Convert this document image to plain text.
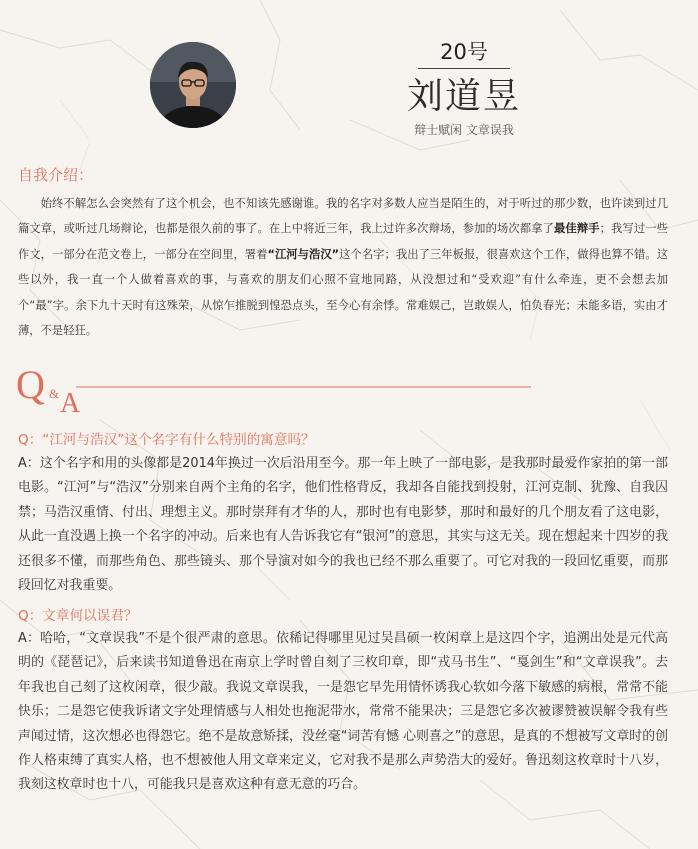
20号
刘道昱
辩士赋闲 文章误我
自我介绍：
始终不解怎么会突然有了这个机会，也不知该先感谢谁。我的名字对多数人应当是陌生的，对于听过的那少数，也许读到过几篇文章，或听过几场辩论，也都是很久前的事了。在上中将近三年，我上过许多次辩场，参加的场次都拿了最佳辩手；我写过一些作文，一部分在范文卷上，一部分在空间里，署着“江河与浩汉”这个名字；我出了三年板报，很喜欢这个工作，做得也算不错。这些以外，我一直一个人做着喜欢的事，与喜欢的朋友们心照不宣地同路，从没想过和“受欢迎”有什么牵连，更不会想去加个“最”字。余下九十天时有这殊荣，从惊乍推脱到惶恐点头，至今心有余悸。常难娱己，岂敢娱人，怕负春光；未能多语，实由才薄，不是轻狂。
Q & A
Q：“江河与浩汉”这个名字有什么特别的寓意吗？
A：这个名字和用的头像都是2014年换过一次后沿用至今。那一年上映了一部电影，是我那时最爱作家拍的第一部电影。“江河”与“浩汉”分别来自两个主角的名字，他们性格背反，我却各自能找到投射，江河克制、犹豫、自我囚禁；马浩汉重情、付出、理想主义。那时崇拜有才华的人，那时也有电影梦，那时和最好的几个朋友看了这电影，从此一直没遇上换一个名字的冲动。后来也有人告诉我它有“银河”的意思，其实与这无关。现在想起来十四岁的我还很多不懂，而那些角色、那些镜头、那个导演对如今的我也已经不那么重要了。可它对我的一段回忆重要，而那段回忆对我重要。
Q：文章何以误君？
A：哈哈，“文章误我”不是个很严肃的意思。依稀记得哪里见过吴昌硕一枚闲章上是这四个字，追溯出处是元代高明的《琵琶记》，后来读书知道鲁迅在南京上学时曾自刻了三枚印章，即“戎马书生”、“戛剑生”和“文章误我”。去年我也自己刻了这枚闲章，很少敲。我说文章误我，一是怨它早先用情怀诱我心软如今落下敏感的病根，常常不能快乐；二是怨它使我诉诸文字处理情感与人相处也拖泥带水，常常不能果决；三是怨它多次被谬赞被误解令我有些声闻过情，这次想必也得怨它。绝不是故意矫揉，没丝毫“词苦有憾 心则喜之”的意思，是真的不想被写文章时的创作人格束缚了真实人格，也不想被他人用文章来定义，它对我不是那么声势浩大的爱好。鲁迅刻这枚章时十八岁，我刻这枚章时也十八，可能我只是喜欢这种有意无意的巧合。
